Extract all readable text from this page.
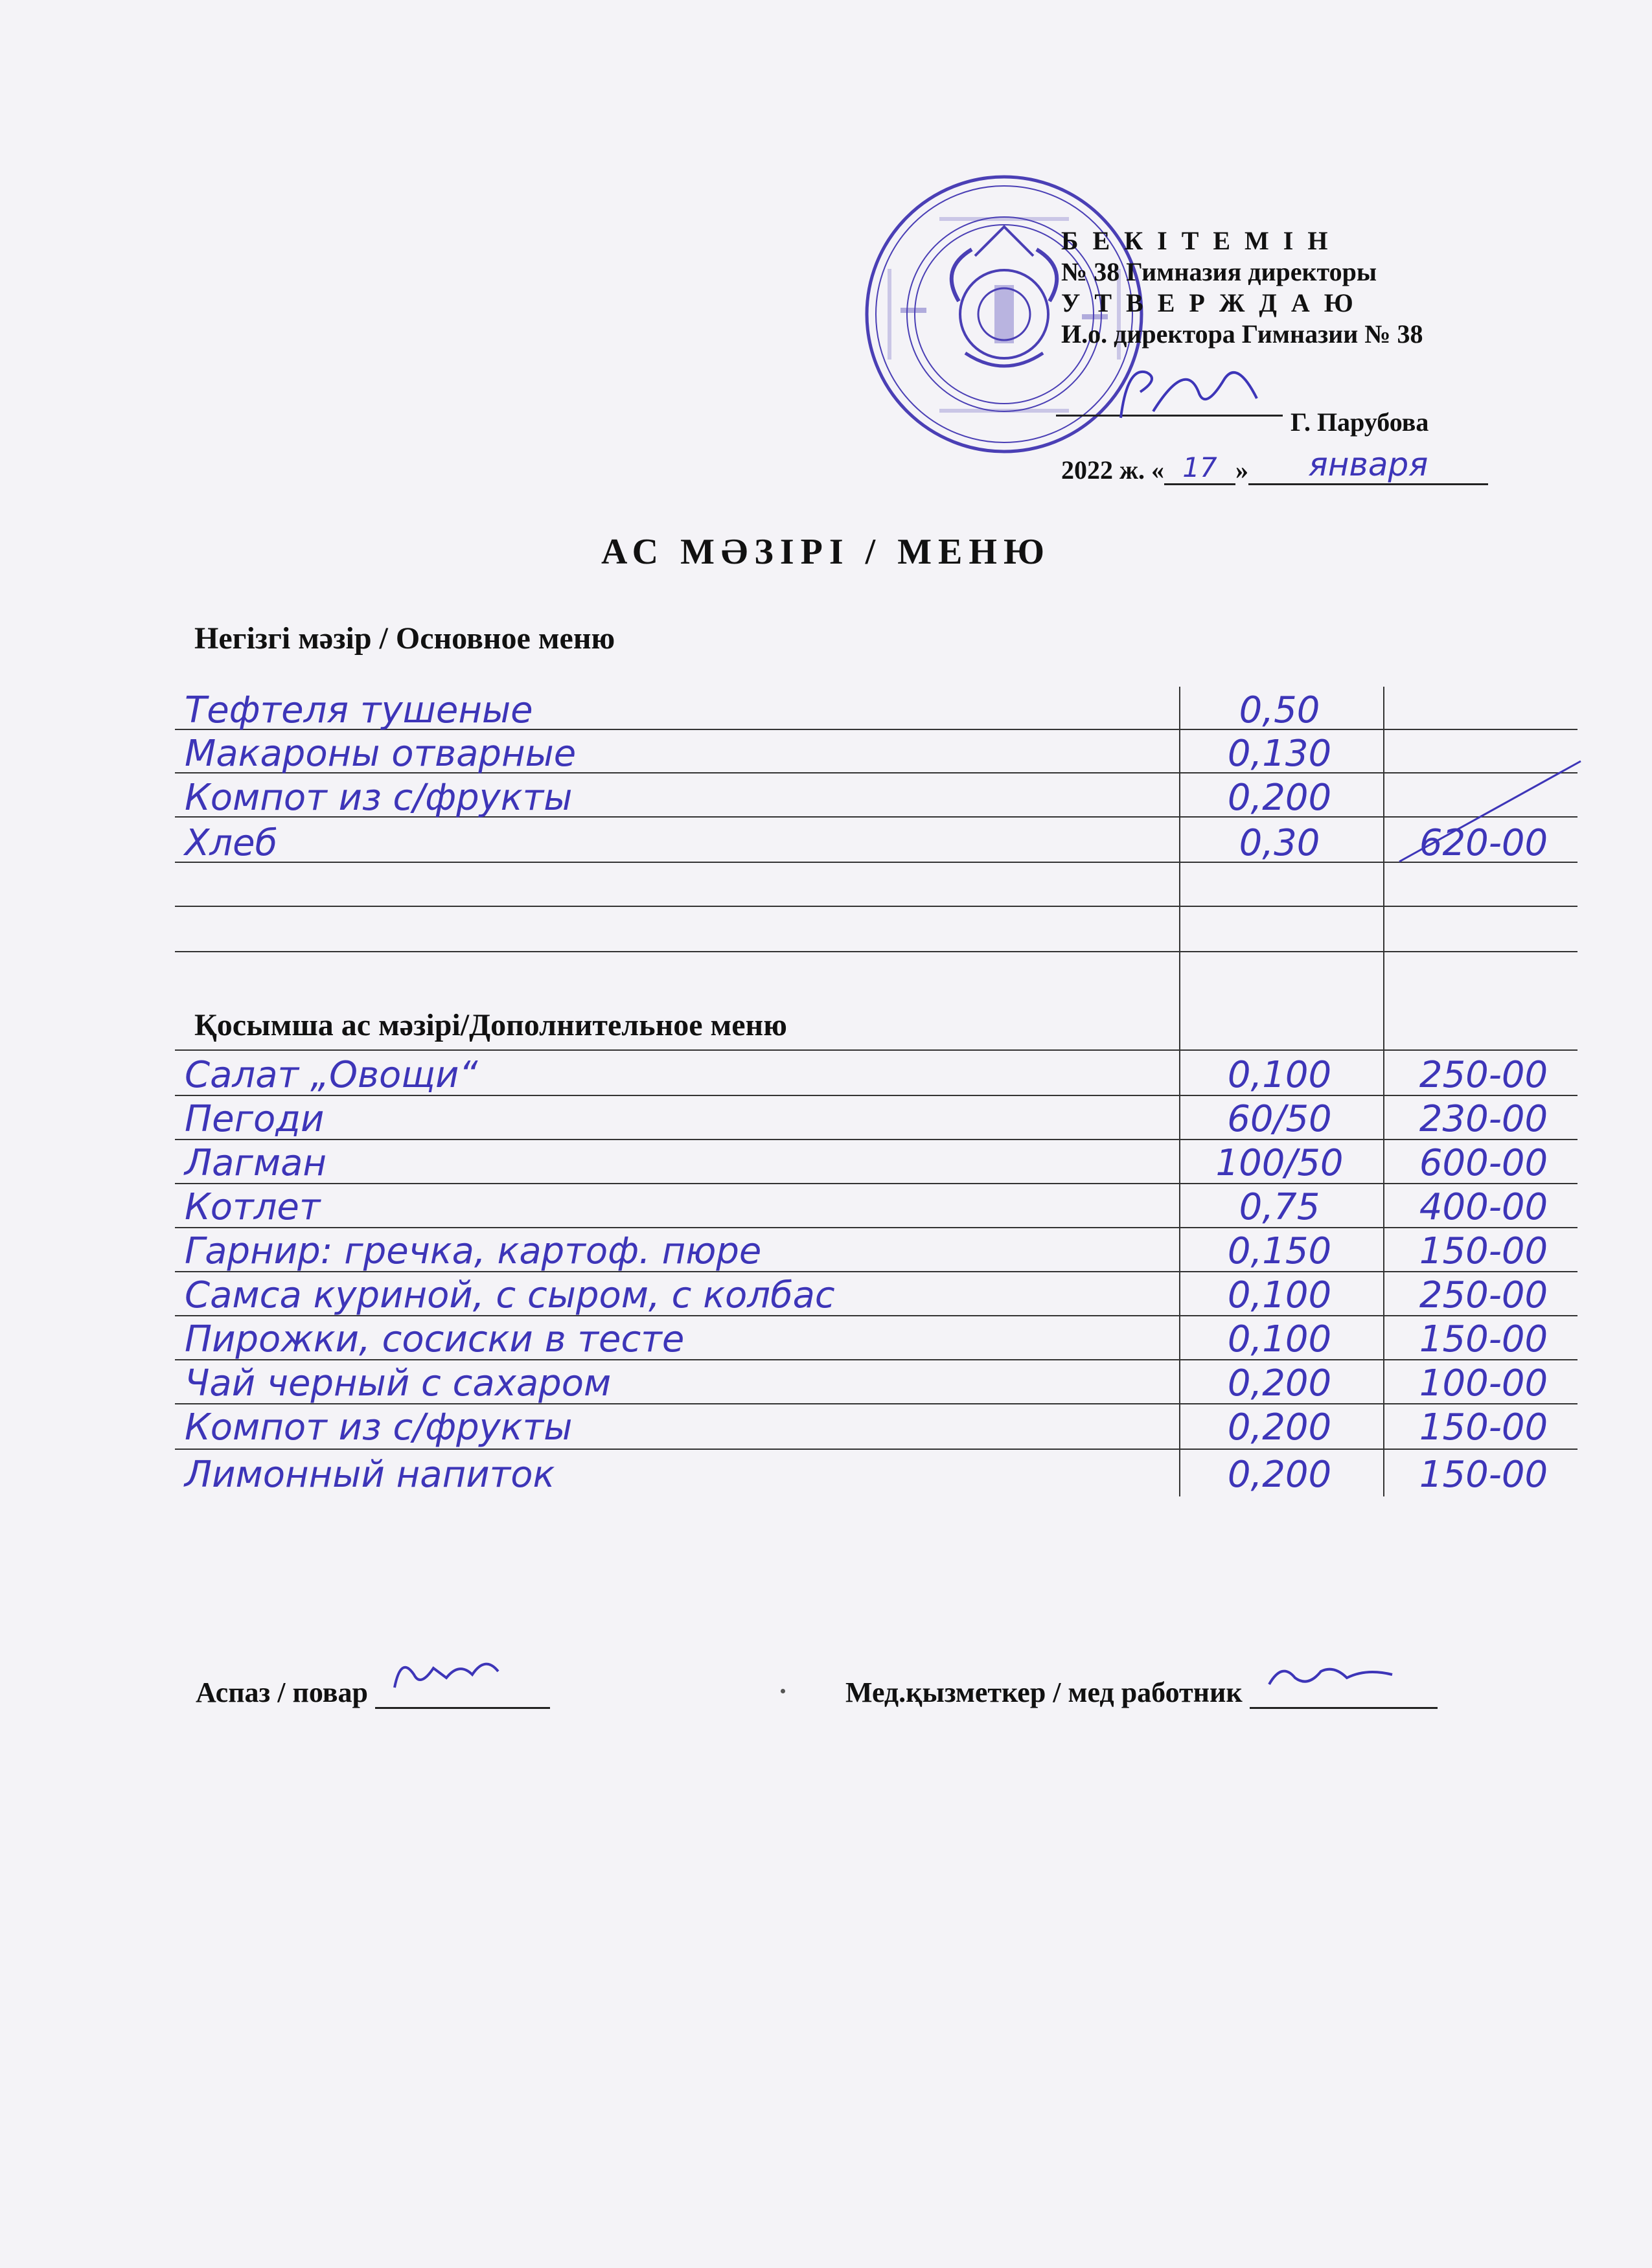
Б Е К І Т Е М І Н
№ 38 Гимназия директоры
У Т В Е Р Ж Д А Ю
И.о. директора Гимназии № 38
Г. Парубова
2022 ж. « 17 » января
АС МӘЗІРІ / МЕНЮ
Негізгі мәзір / Основное меню
Қосымша ас мәзірі/Дополнительное меню
Тефтеля тушеные	0,50
Макароны отварные	0,130
Компот из с/фрукты	0,200
Хлеб	0,30	620-00
Салат „Овощи“	0,100	250-00
Пегоди	60/50	230-00
Лагман	100/50	600-00
Котлет	0,75	400-00
Гарнир: гречка, картоф. пюре	0,150	150-00
Самса куриной, с сыром, с колбас	0,100	250-00
Пирожки, сосиски в тесте	0,100	150-00
Чай черный с сахаром	0,200	100-00
Компот из с/фрукты	0,200	150-00
Лимонный напиток	0,200	150-00
Аспаз / повар	Мед.қызметкер / мед работник
